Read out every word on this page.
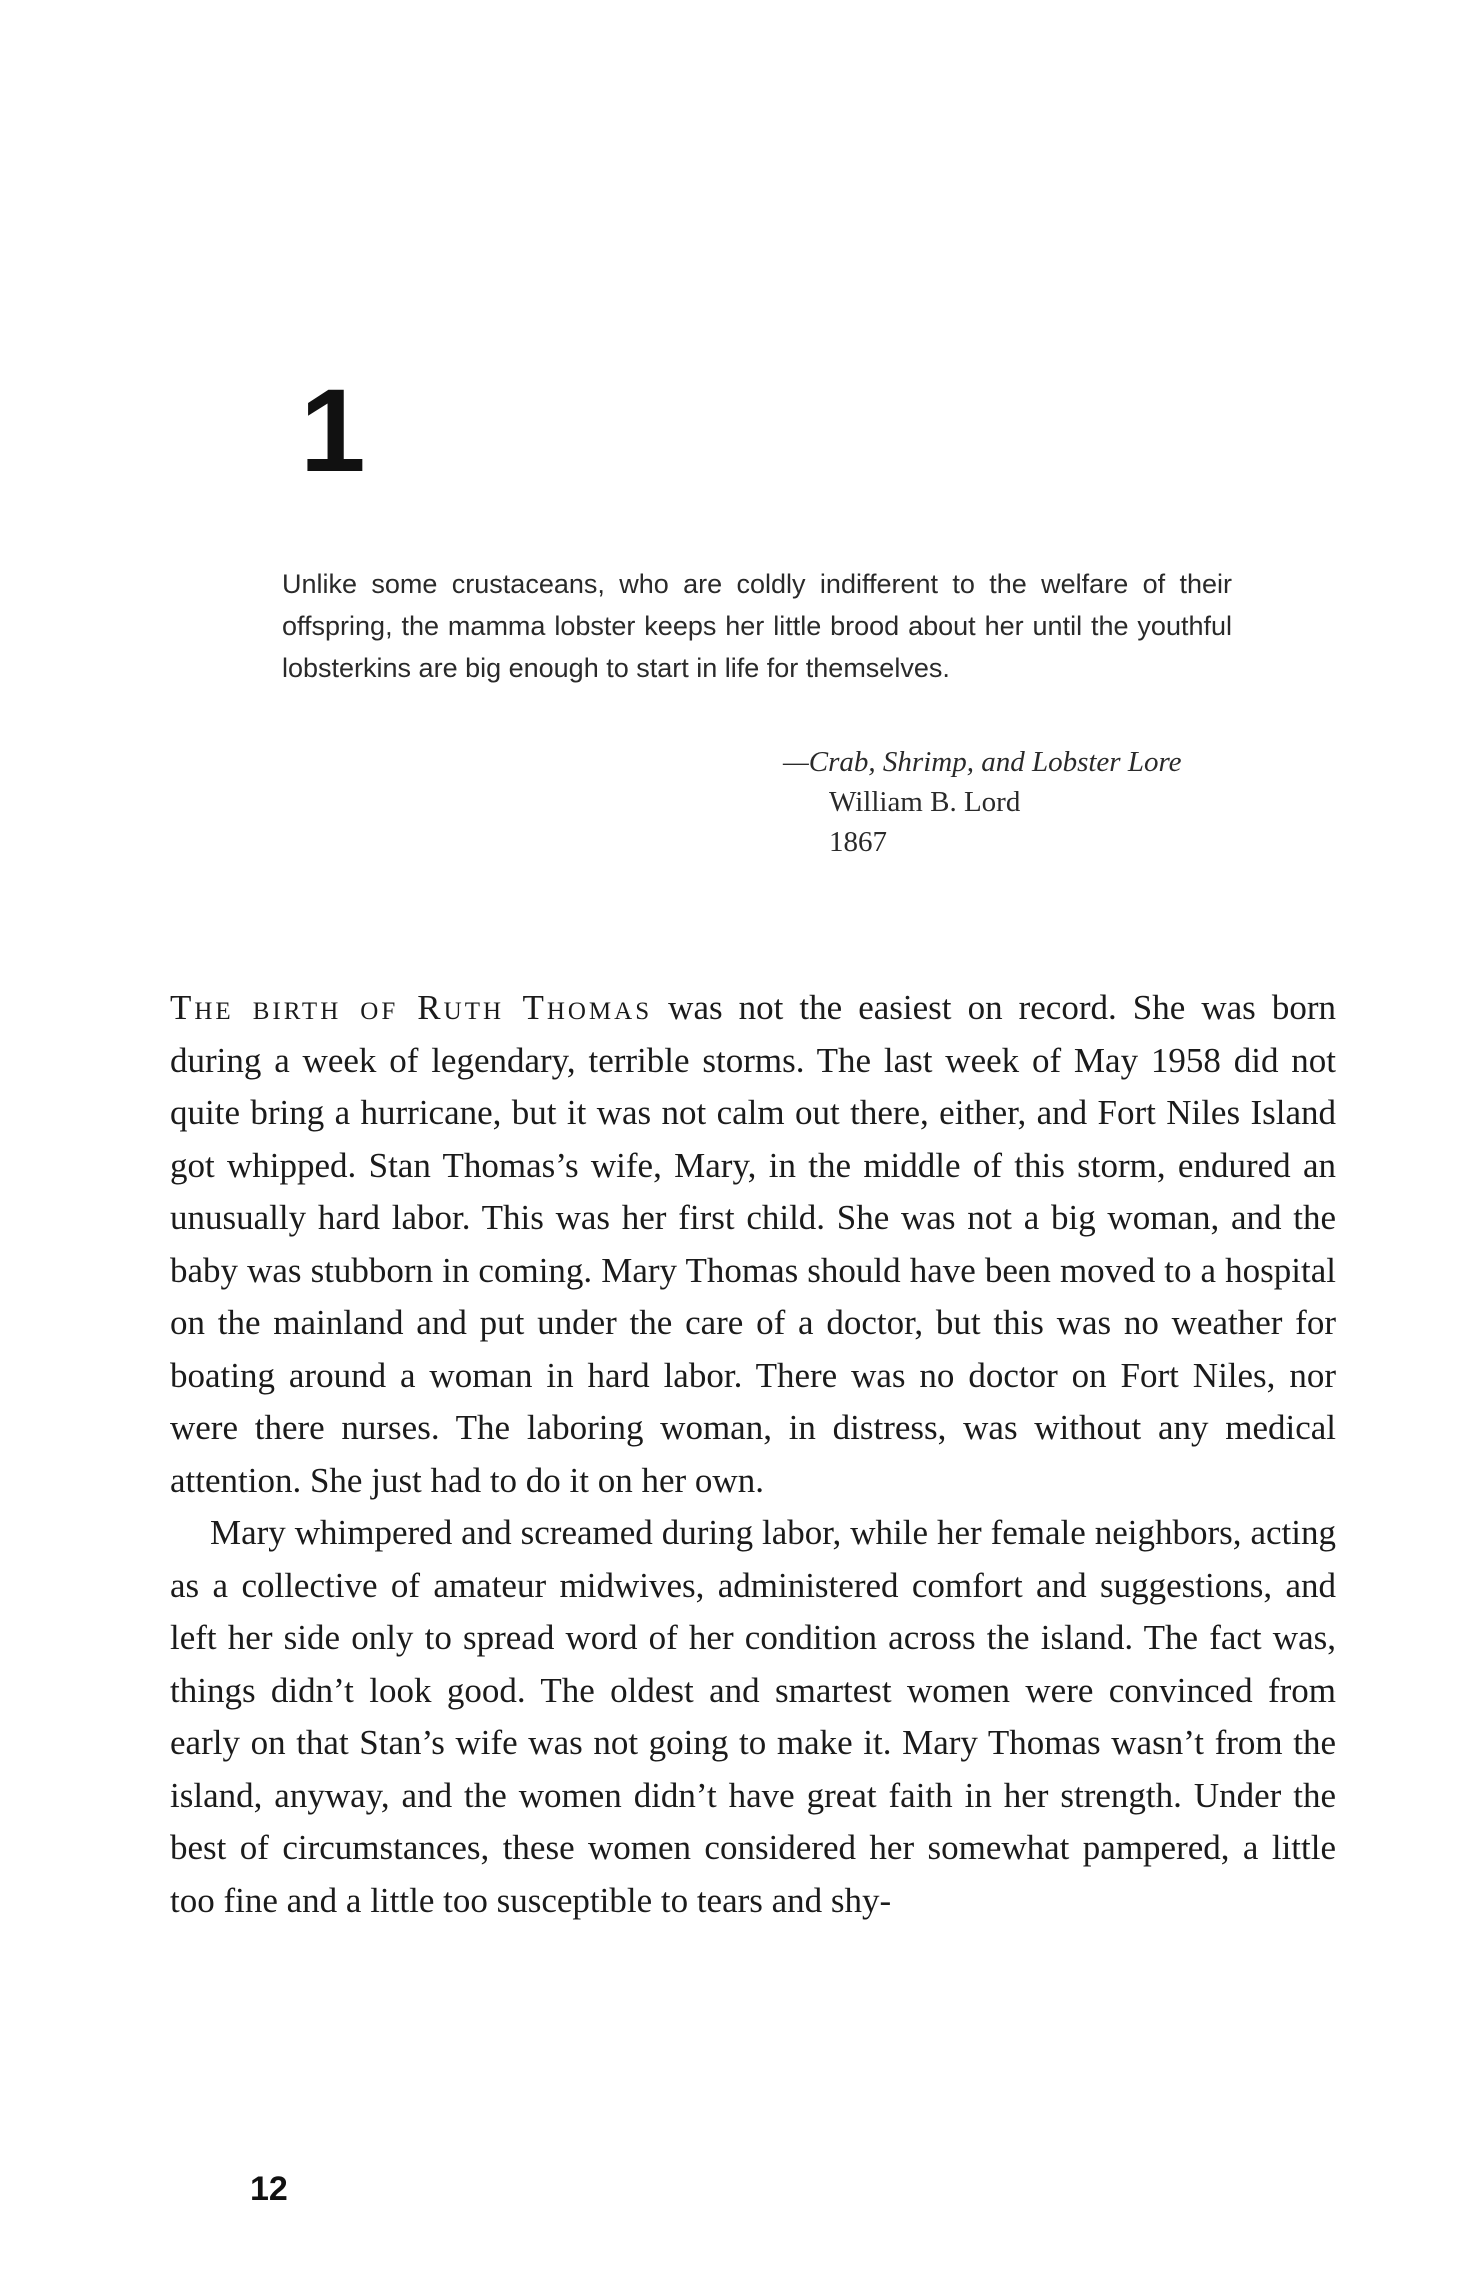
1

Unlike some crustaceans, who are coldly indifferent to the welfare of their offspring, the mamma lobster keeps her little brood about her until the youthful lobsterkins are big enough to start in life for themselves.

—Crab, Shrimp, and Lobster Lore
William B. Lord
1867

The birth of Ruth Thomas was not the easiest on record. She was born during a week of legendary, terrible storms. The last week of May 1958 did not quite bring a hurricane, but it was not calm out there, either, and Fort Niles Island got whipped. Stan Thomas’s wife, Mary, in the middle of this storm, endured an unusually hard labor. This was her first child. She was not a big woman, and the baby was stubborn in coming. Mary Thomas should have been moved to a hospital on the mainland and put under the care of a doctor, but this was no weather for boating around a woman in hard labor. There was no doctor on Fort Niles, nor were there nurses. The laboring woman, in distress, was without any medical attention. She just had to do it on her own.

Mary whimpered and screamed during labor, while her female neighbors, acting as a collective of amateur midwives, administered comfort and suggestions, and left her side only to spread word of her condition across the island. The fact was, things didn’t look good. The oldest and smartest women were convinced from early on that Stan’s wife was not going to make it. Mary Thomas wasn’t from the island, anyway, and the women didn’t have great faith in her strength. Under the best of circumstances, these women considered her somewhat pampered, a little too fine and a little too susceptible to tears and shy-

12
